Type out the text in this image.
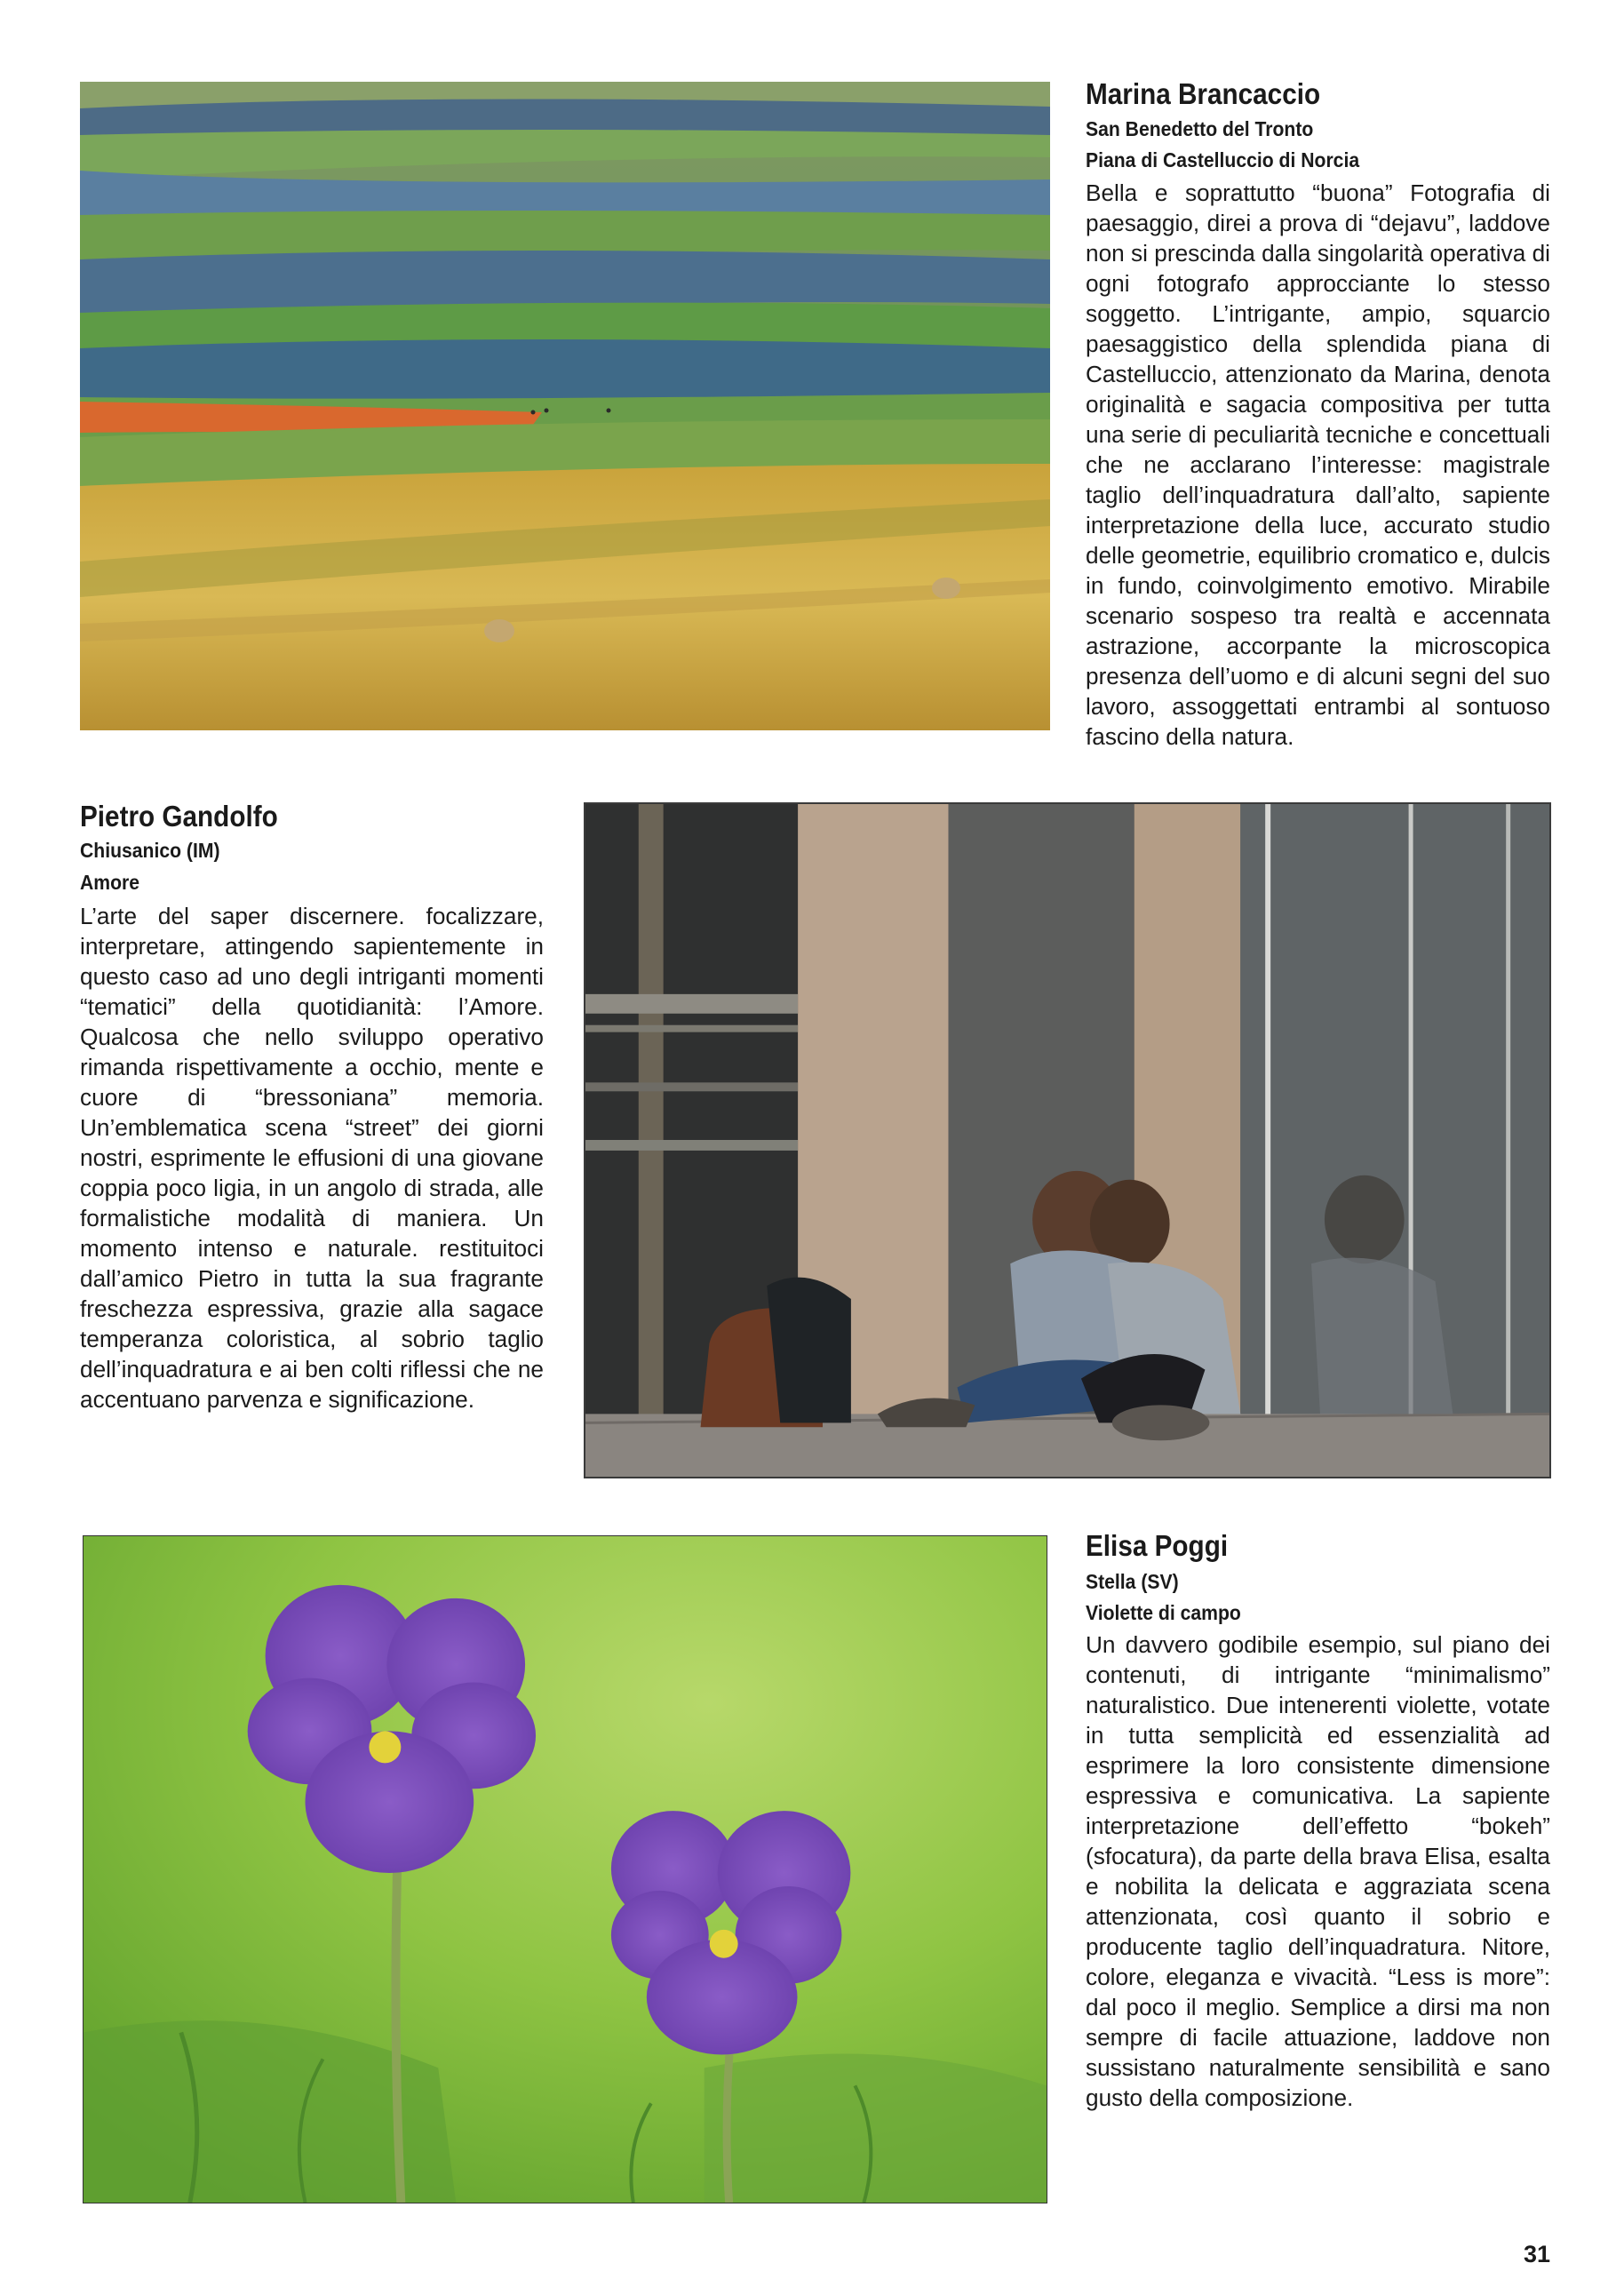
Marina Brancaccio
San Benedetto del Tronto
Piana di Castelluccio di Norcia
Bella e soprattutto “buona” Fotografia di paesaggio, direi a prova di “dejavu”, laddove non si prescinda dalla singolarità operativa di ogni fotografo approcciante lo stesso soggetto. L’intrigante, ampio, squarcio paesaggistico della splendida piana di Castelluccio, attenzionato da Marina, denota originalità e sagacia compositiva per tutta una serie di peculiarità tecniche e concettuali che ne acclarano l’interesse: magistrale taglio dell’inquadratura dall’alto, sapiente interpretazione della luce, accurato studio delle geometrie, equilibrio cromatico e, dulcis in fundo, coinvolgimento emotivo. Mirabile scenario sospeso tra realtà e accennata astrazione, accorpante la microscopica presenza dell’uomo e di alcuni segni del suo lavoro, assoggettati entrambi al sontuoso fascino della natura.
Pietro Gandolfo
Chiusanico (IM)
Amore
L’arte del saper discernere. focalizzare, interpretare, attingendo sapientemente in questo caso ad uno degli intriganti momenti “tematici” della quotidianità: l’Amore. Qualcosa che nello sviluppo operativo rimanda rispettivamente a occhio, mente e cuore di “bressoniana” memoria. Un’emblematica scena “street” dei giorni nostri, esprimente le effusioni di una giovane coppia poco ligia, in un angolo di strada, alle formalistiche modalità di maniera. Un momento intenso e naturale. restituitoci dall’amico Pietro in tutta la sua fragrante freschezza espressiva, grazie alla sagace temperanza coloristica, al sobrio taglio dell’inquadratura e ai ben colti riflessi che ne accentuano parvenza e significazione.
Elisa Poggi
Stella (SV)
Violette di campo
Un davvero godibile esempio, sul piano dei contenuti, di intrigante “minimalismo” naturalistico. Due intenerenti violette, votate in tutta semplicità ed essenzialità ad esprimere la loro consistente dimensione espressiva e comunicativa. La sapiente interpretazione dell’effetto “bokeh” (sfocatura), da parte della brava Elisa, esalta e nobilita la delicata e aggraziata scena attenzionata, così quanto il sobrio e producente taglio dell’inquadratura. Nitore, colore, eleganza e vivacità. “Less is more”: dal poco il meglio. Semplice a dirsi ma non sempre di facile attuazione, laddove non sussistano naturalmente sensibilità e sano gusto della composizione.
31
